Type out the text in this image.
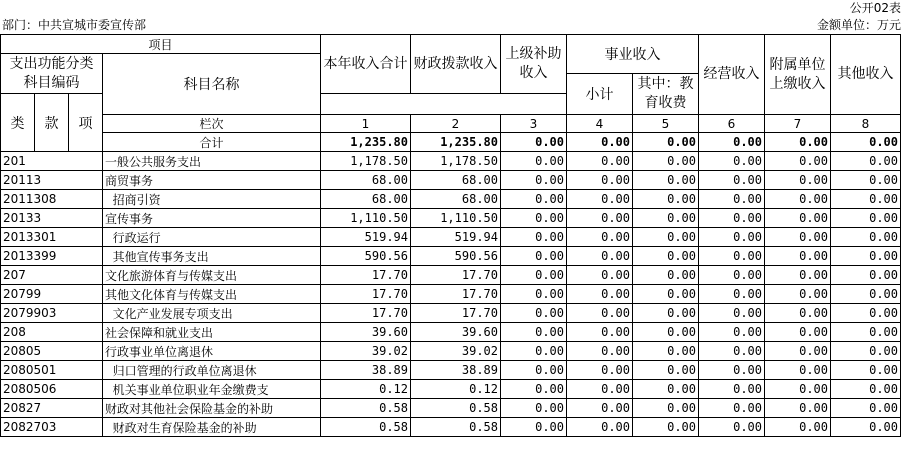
公开02表
部门：中共宣城市委宣传部	金额单位：万元
项目				本年收入合计	财政拨款收入	上级补助收入	事业收入		经营收入	附属单位上缴收入	其他收入
支出功能分类科目编码			科目名称								
							小计	其中：教育收费			
类	款	项									
			栏次	1	2	3	4	5	6	7	8
			合计	1,235.80	1,235.80	0.00	0.00	0.00	0.00	0.00	0.00
201			一般公共服务支出	1,178.50	1,178.50	0.00	0.00	0.00	0.00	0.00	0.00
20113			商贸事务	68.00	68.00	0.00	0.00	0.00	0.00	0.00	0.00
2011308			招商引资	68.00	68.00	0.00	0.00	0.00	0.00	0.00	0.00
20133			宣传事务	1,110.50	1,110.50	0.00	0.00	0.00	0.00	0.00	0.00
2013301			行政运行	519.94	519.94	0.00	0.00	0.00	0.00	0.00	0.00
2013399			其他宣传事务支出	590.56	590.56	0.00	0.00	0.00	0.00	0.00	0.00
207			文化旅游体育与传媒支出	17.70	17.70	0.00	0.00	0.00	0.00	0.00	0.00
20799			其他文化体育与传媒支出	17.70	17.70	0.00	0.00	0.00	0.00	0.00	0.00
2079903			文化产业发展专项支出	17.70	17.70	0.00	0.00	0.00	0.00	0.00	0.00
208			社会保障和就业支出	39.60	39.60	0.00	0.00	0.00	0.00	0.00	0.00
20805			行政事业单位离退休	39.02	39.02	0.00	0.00	0.00	0.00	0.00	0.00
2080501			归口管理的行政单位离退休	38.89	38.89	0.00	0.00	0.00	0.00	0.00	0.00
2080506			机关事业单位职业年金缴费支	0.12	0.12	0.00	0.00	0.00	0.00	0.00	0.00
20827			财政对其他社会保险基金的补助	0.58	0.58	0.00	0.00	0.00	0.00	0.00	0.00
2082703			财政对生育保险基金的补助	0.58	0.58	0.00	0.00	0.00	0.00	0.00	0.00
